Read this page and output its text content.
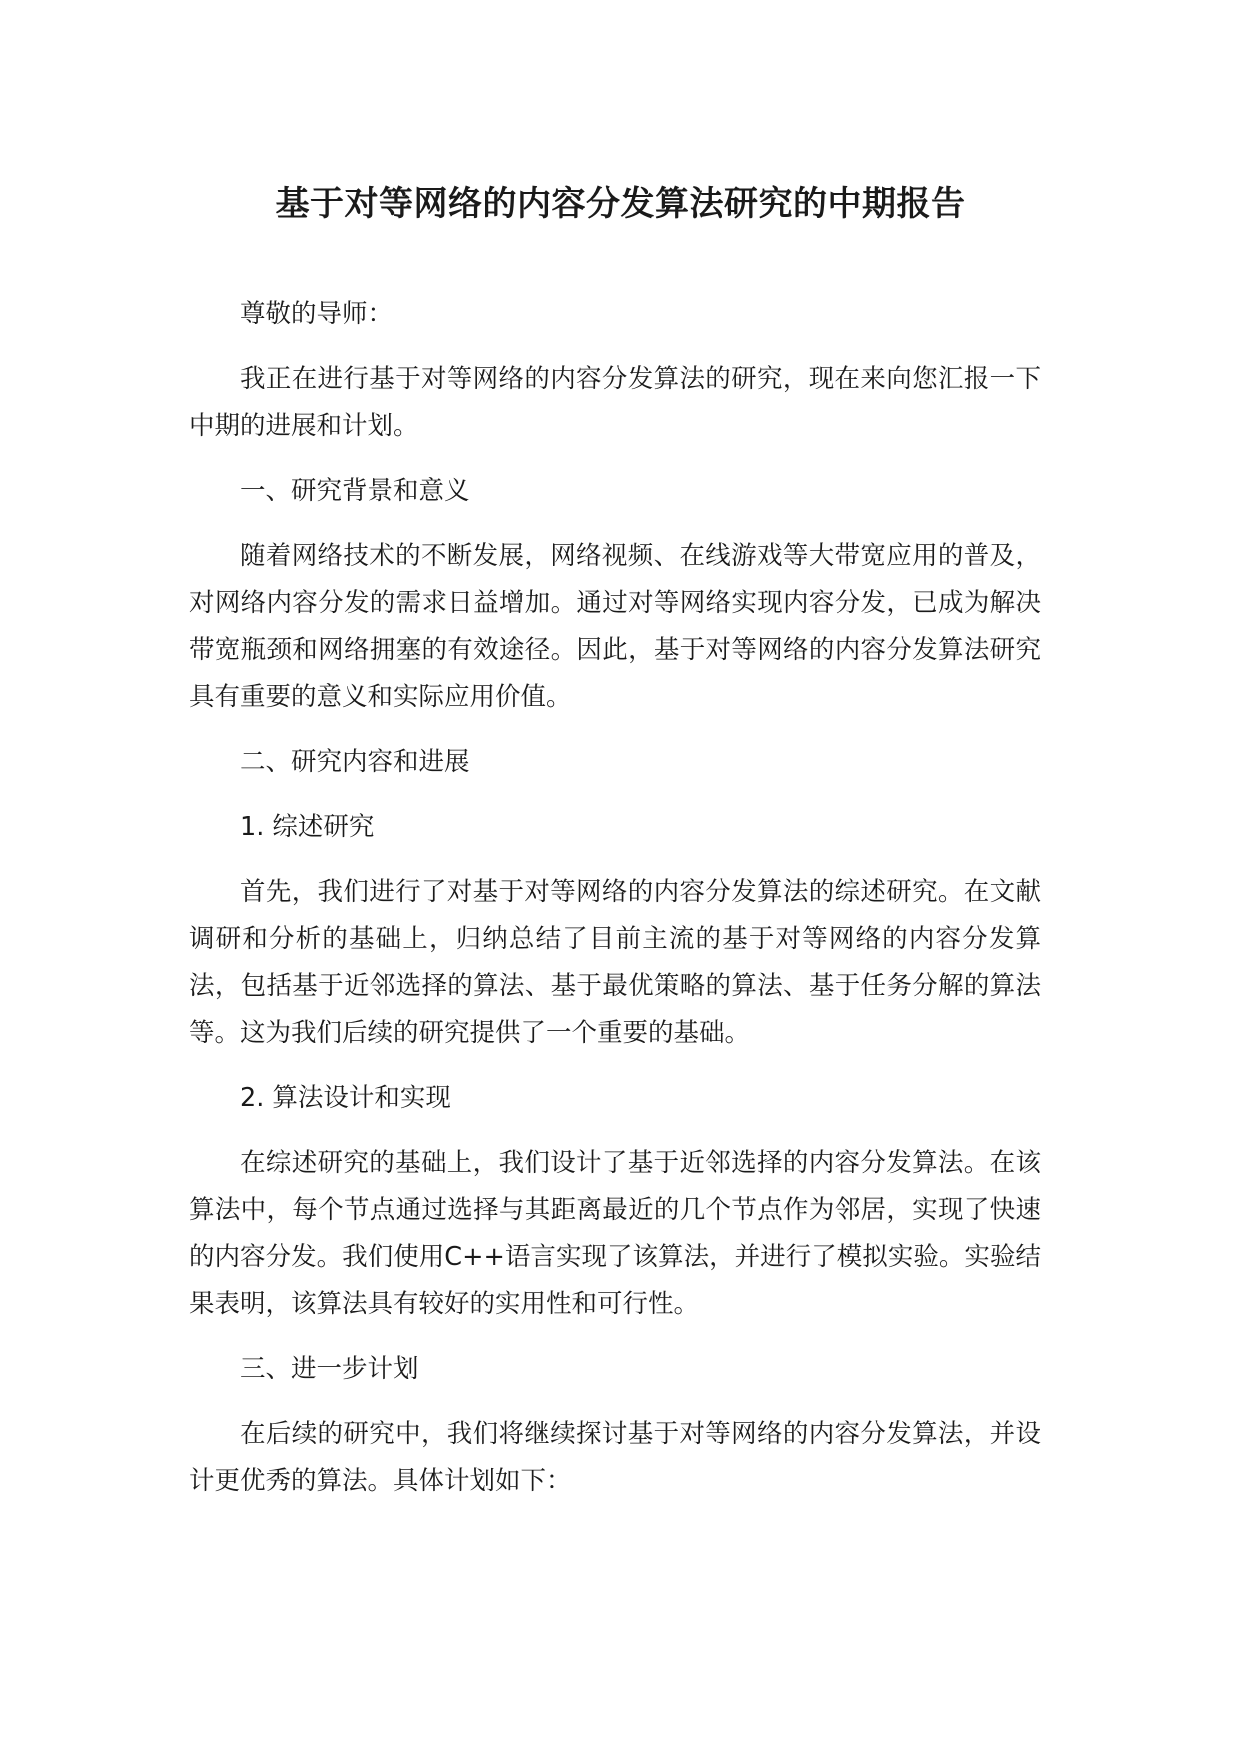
基于对等网络的内容分发算法研究的中期报告

尊敬的导师：

我正在进行基于对等网络的内容分发算法的研究，现在来向您汇报一下中期的进展和计划。

一、研究背景和意义

随着网络技术的不断发展，网络视频、在线游戏等大带宽应用的普及，对网络内容分发的需求日益增加。通过对等网络实现内容分发，已成为解决带宽瓶颈和网络拥塞的有效途径。因此，基于对等网络的内容分发算法研究具有重要的意义和实际应用价值。

二、研究内容和进展

1. 综述研究

首先，我们进行了对基于对等网络的内容分发算法的综述研究。在文献调研和分析的基础上，归纳总结了目前主流的基于对等网络的内容分发算法，包括基于近邻选择的算法、基于最优策略的算法、基于任务分解的算法等。这为我们后续的研究提供了一个重要的基础。

2. 算法设计和实现

在综述研究的基础上，我们设计了基于近邻选择的内容分发算法。在该算法中，每个节点通过选择与其距离最近的几个节点作为邻居，实现了快速的内容分发。我们使用C++语言实现了该算法，并进行了模拟实验。实验结果表明，该算法具有较好的实用性和可行性。

三、进一步计划

在后续的研究中，我们将继续探讨基于对等网络的内容分发算法，并设计更优秀的算法。具体计划如下：
